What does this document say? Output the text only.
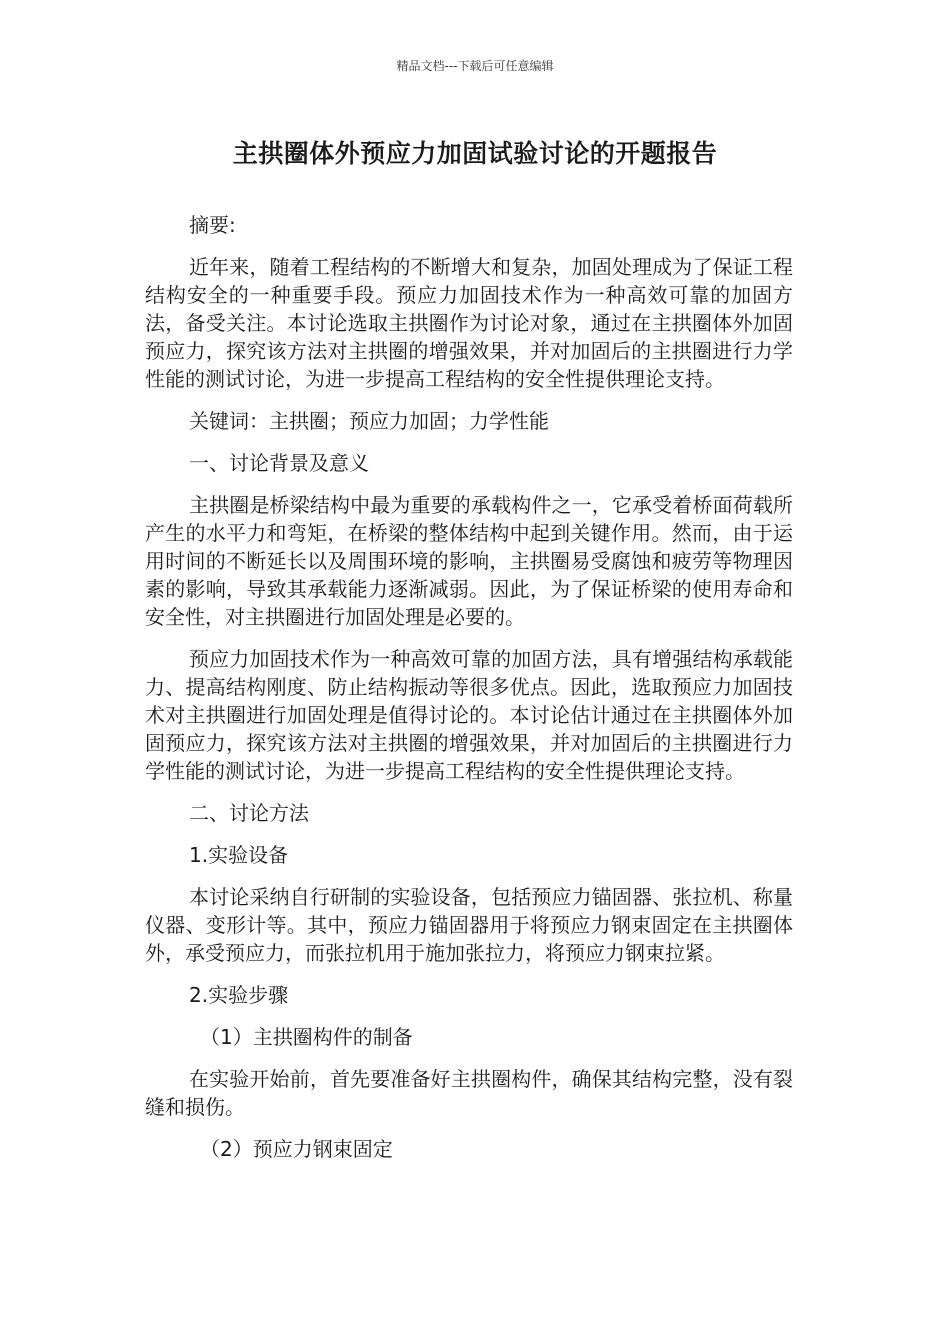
精品文档---下载后可任意编辑
主拱圈体外预应力加固试验讨论的开题报告

摘要:

近年来，随着工程结构的不断增大和复杂，加固处理成为了保证工程结构安全的一种重要手段。预应力加固技术作为一种高效可靠的加固方法，备受关注。本讨论选取主拱圈作为讨论对象，通过在主拱圈体外加固预应力，探究该方法对主拱圈的增强效果，并对加固后的主拱圈进行力学性能的测试讨论，为进一步提高工程结构的安全性提供理论支持。

关键词：主拱圈；预应力加固；力学性能

一、讨论背景及意义

主拱圈是桥梁结构中最为重要的承载构件之一，它承受着桥面荷载所产生的水平力和弯矩，在桥梁的整体结构中起到关键作用。然而，由于运用时间的不断延长以及周围环境的影响，主拱圈易受腐蚀和疲劳等物理因素的影响，导致其承载能力逐渐减弱。因此，为了保证桥梁的使用寿命和安全性，对主拱圈进行加固处理是必要的。

预应力加固技术作为一种高效可靠的加固方法，具有增强结构承载能力、提高结构刚度、防止结构振动等很多优点。因此，选取预应力加固技术对主拱圈进行加固处理是值得讨论的。本讨论估计通过在主拱圈体外加固预应力，探究该方法对主拱圈的增强效果，并对加固后的主拱圈进行力学性能的测试讨论，为进一步提高工程结构的安全性提供理论支持。

二、讨论方法

1.实验设备

本讨论采纳自行研制的实验设备，包括预应力锚固器、张拉机、称量仪器、变形计等。其中，预应力锚固器用于将预应力钢束固定在主拱圈体外，承受预应力，而张拉机用于施加张拉力，将预应力钢束拉紧。

2.实验步骤

（1）主拱圈构件的制备

在实验开始前，首先要准备好主拱圈构件，确保其结构完整，没有裂缝和损伤。

（2）预应力钢束固定
